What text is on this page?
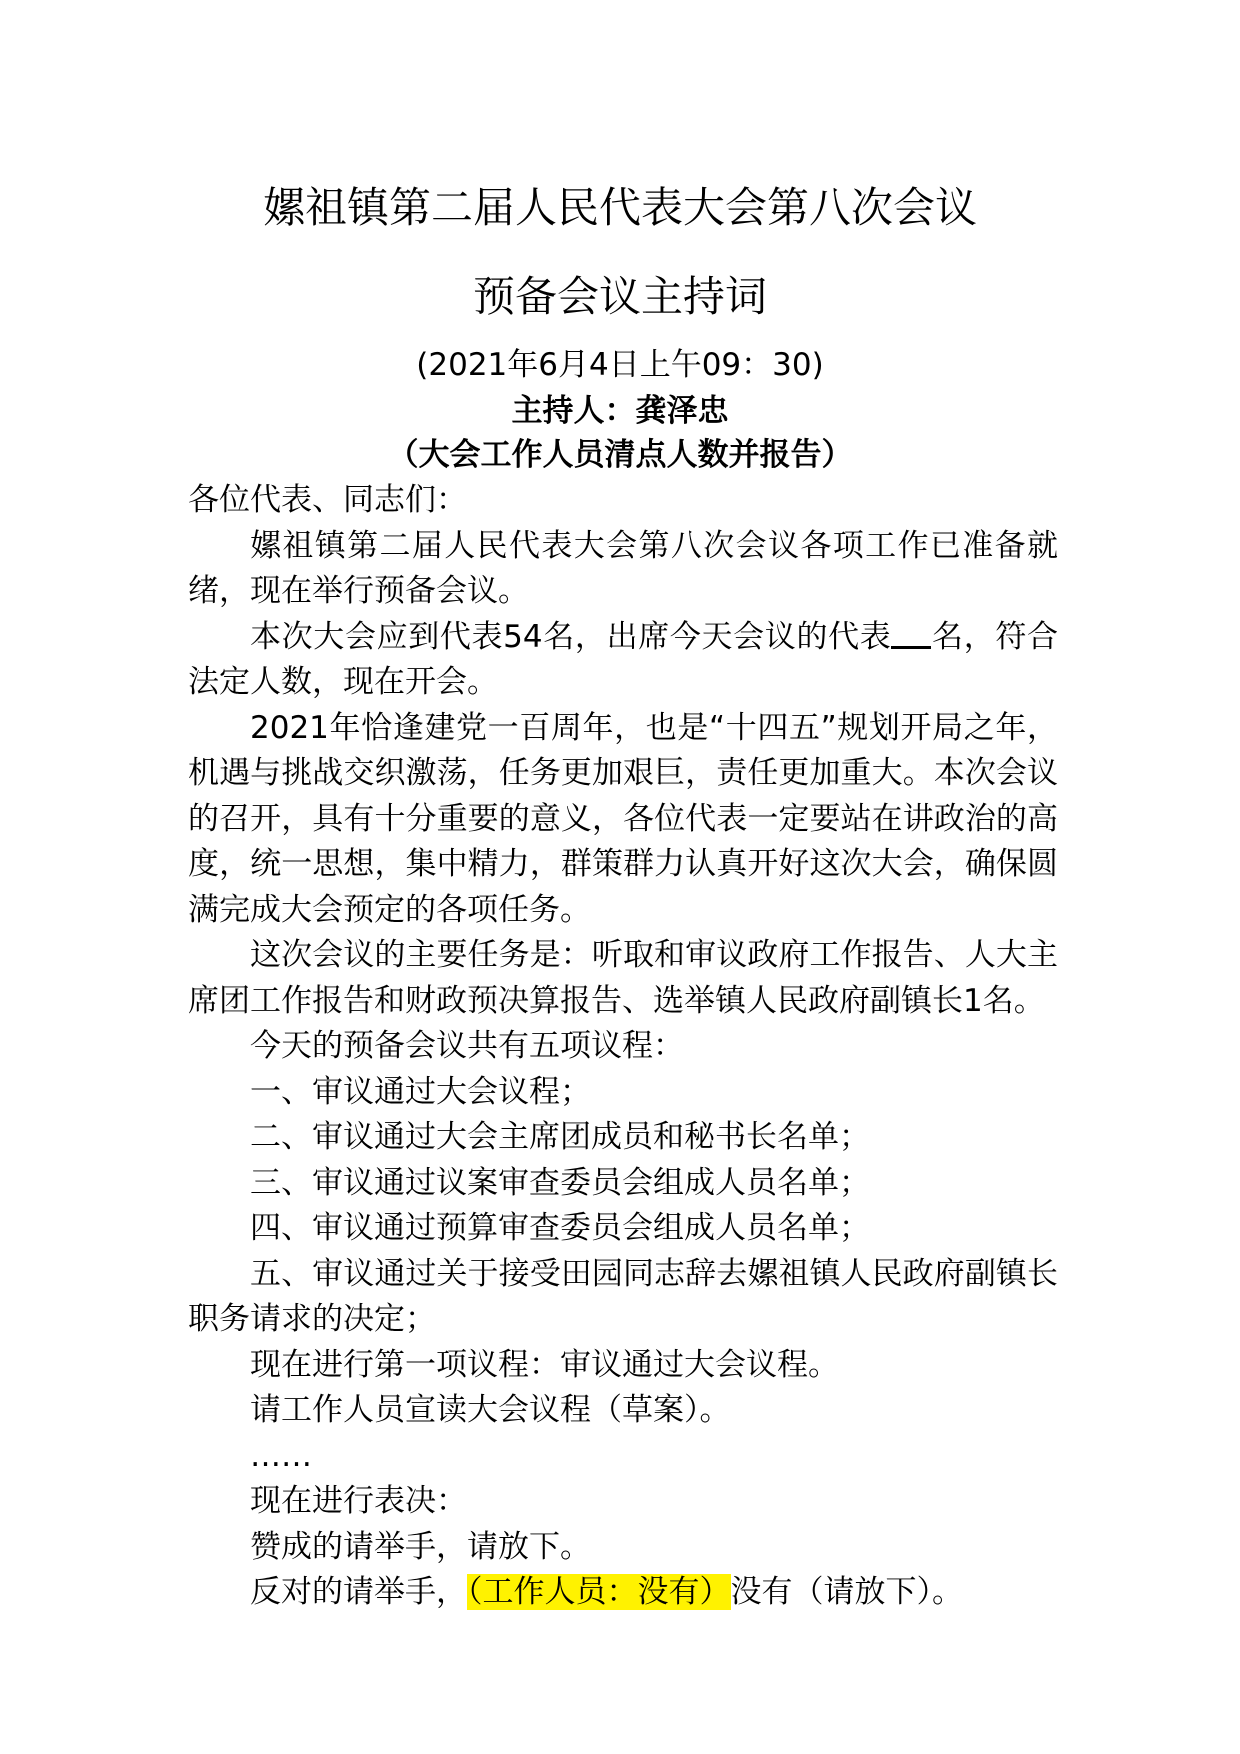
嫘祖镇第二届人民代表大会第八次会议
预备会议主持词
(2021年6月4日上午09：30)
主持人：龚泽忠
（大会工作人员清点人数并报告）

各位代表、同志们：

嫘祖镇第二届人民代表大会第八次会议各项工作已准备就绪，现在举行预备会议。

本次大会应到代表54名，出席今天会议的代表 名，符合法定人数，现在开会。

2021年恰逢建党一百周年，也是“十四五”规划开局之年，机遇与挑战交织激荡，任务更加艰巨，责任更加重大。本次会议的召开，具有十分重要的意义，各位代表一定要站在讲政治的高度，统一思想，集中精力，群策群力认真开好这次大会，确保圆满完成大会预定的各项任务。

这次会议的主要任务是：听取和审议政府工作报告、人大主席团工作报告和财政预决算报告、选举镇人民政府副镇长1名。

今天的预备会议共有五项议程：

一、审议通过大会议程；

二、审议通过大会主席团成员和秘书长名单；

三、审议通过议案审查委员会组成人员名单；

四、审议通过预算审查委员会组成人员名单；

五、审议通过关于接受田园同志辞去嫘祖镇人民政府副镇长职务请求的决定；

现在进行第一项议程：审议通过大会议程。

请工作人员宣读大会议程（草案）。

……

现在进行表决：

赞成的请举手，请放下。

反对的请举手，（工作人员：没有）没有（请放下）。
